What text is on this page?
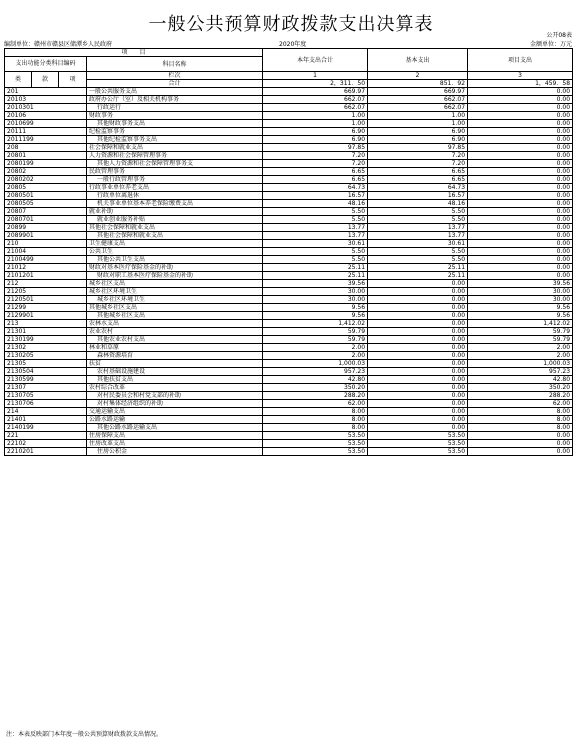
一般公共预算财政拨款支出决算表
公开08表
编制单位：赣州市赣县区储潭乡人民政府	2020年度	金额单位：万元
项　　目				本年支出合计	基本支出	项目支出
支出功能分类科目编码			科目名称			

类	款	项	栏次	1	2	3
			合计	2，311．50	851．92	1，459．58
201			一般公共服务支出	669.97	669.97	0.00
20103			政府办公厅（室）及相关机构事务	662.07	662.07	0.00
2010301			行政运行	662.07	662.07	0.00
20106			财政事务	1.00	1.00	0.00
2010699			其他财政事务支出	1.00	1.00	0.00
20111			纪检监察事务	6.90	6.90	0.00
2011199			其他纪检监察事务支出	6.90	6.90	0.00
208			社会保障和就业支出	97.85	97.85	0.00
20801			人力资源和社会保障管理事务	7.20	7.20	0.00
2080199			其他人力资源和社会保障管理事务支	7.20	7.20	0.00
20802			民政管理事务	6.65	6.65	0.00
2080202			一般行政管理事务	6.65	6.65	0.00
20805			行政事业单位养老支出	64.73	64.73	0.00
2080501			行政单位离退休	16.57	16.57	0.00
2080505			机关事业单位基本养老保险缴费支出	48.16	48.16	0.00
20807			就业补助	5.50	5.50	0.00
2080701			就业创业服务补贴	5.50	5.50	0.00
20899			其他社会保障和就业支出	13.77	13.77	0.00
2089901			其他社会保障和就业支出	13.77	13.77	0.00
210			卫生健康支出	30.61	30.61	0.00
21004			公共卫生	5.50	5.50	0.00
2100499			其他公共卫生支出	5.50	5.50	0.00
21012			财政对基本医疗保险基金的补助	25.11	25.11	0.00
2101201			财政对职工基本医疗保险基金的补助	25.11	25.11	0.00
212			城乡社区支出	39.56	0.00	39.56
21205			城乡社区环境卫生	30.00	0.00	30.00
2120501			城乡社区环境卫生	30.00	0.00	30.00
21299			其他城乡社区支出	9.56	0.00	9.56
2129901			其他城乡社区支出	9.56	0.00	9.56
213			农林水支出	1,412.02	0.00	1,412.02
21301			农业农村	59.79	0.00	59.79
2130199			其他农业农村支出	59.79	0.00	59.79
21302			林业和草原	2.00	0.00	2.00
2130205			森林资源培育	2.00	0.00	2.00
21305			扶贫	1,000.03	0.00	1,000.03
2130504			农村基础设施建设	957.23	0.00	957.23
2130599			其他扶贫支出	42.80	0.00	42.80
21307			农村综合改革	350.20	0.00	350.20
2130705			对村民委员会和村党支部的补助	288.20	0.00	288.20
2130706			对村集体经济组织的补助	62.00	0.00	62.00
214			交通运输支出	8.00	0.00	8.00
21401			公路水路运输	8.00	0.00	8.00
2140199			其他公路水路运输支出	8.00	0.00	8.00
221			住房保障支出	53.50	53.50	0.00
22102			住房改革支出	53.50	53.50	0.00
2210201			住房公积金	53.50	53.50	0.00
注：本表反映部门本年度一般公共预算财政拨款支出情况。
